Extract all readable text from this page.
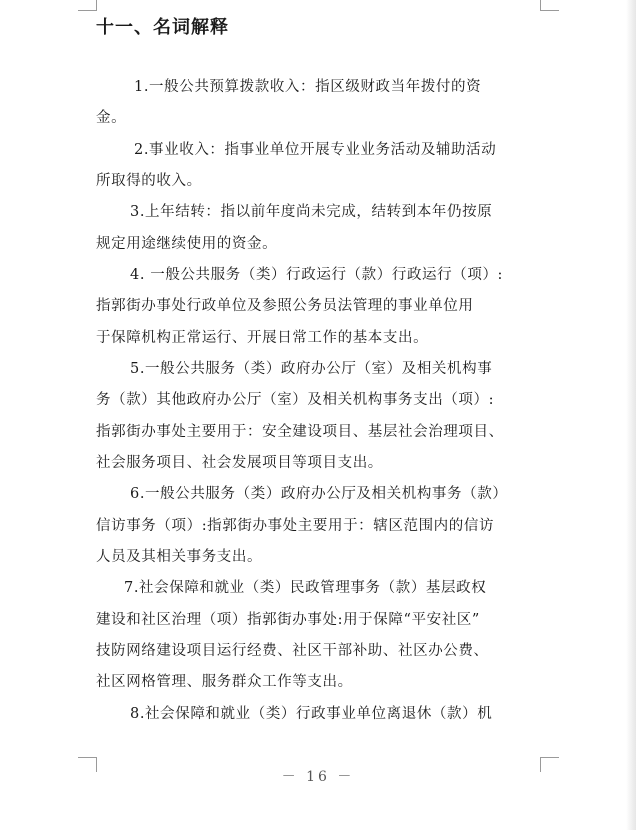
十一、名词解释
1.一般公共预算拨款收入：指区级财政当年拨付的资
金。
2.事业收入：指事业单位开展专业业务活动及辅助活动
所取得的收入。
3.上年结转：指以前年度尚未完成，结转到本年仍按原
规定用途继续使用的资金。
4. 一般公共服务（类）行政运行（款）行政运行（项）:
指郭街办事处行政单位及参照公务员法管理的事业单位用
于保障机构正常运行、开展日常工作的基本支出。
5.一般公共服务（类）政府办公厅（室）及相关机构事
务（款）其他政府办公厅（室）及相关机构事务支出（项）:
指郭街办事处主要用于：安全建设项目、基层社会治理项目、
社会服务项目、社会发展项目等项目支出。
6.一般公共服务（类）政府办公厅及相关机构事务（款）
信访事务（项）:指郭街办事处主要用于：辖区范围内的信访
人员及其相关事务支出。
7.社会保障和就业（类）民政管理事务（款）基层政权
建设和社区治理（项）指郭街办事处:用于保障“平安社区”
技防网络建设项目运行经费、社区干部补助、社区办公费、
社区网格管理、服务群众工作等支出。
8.社会保障和就业（类）行政事业单位离退休（款）机
－ 16 －
